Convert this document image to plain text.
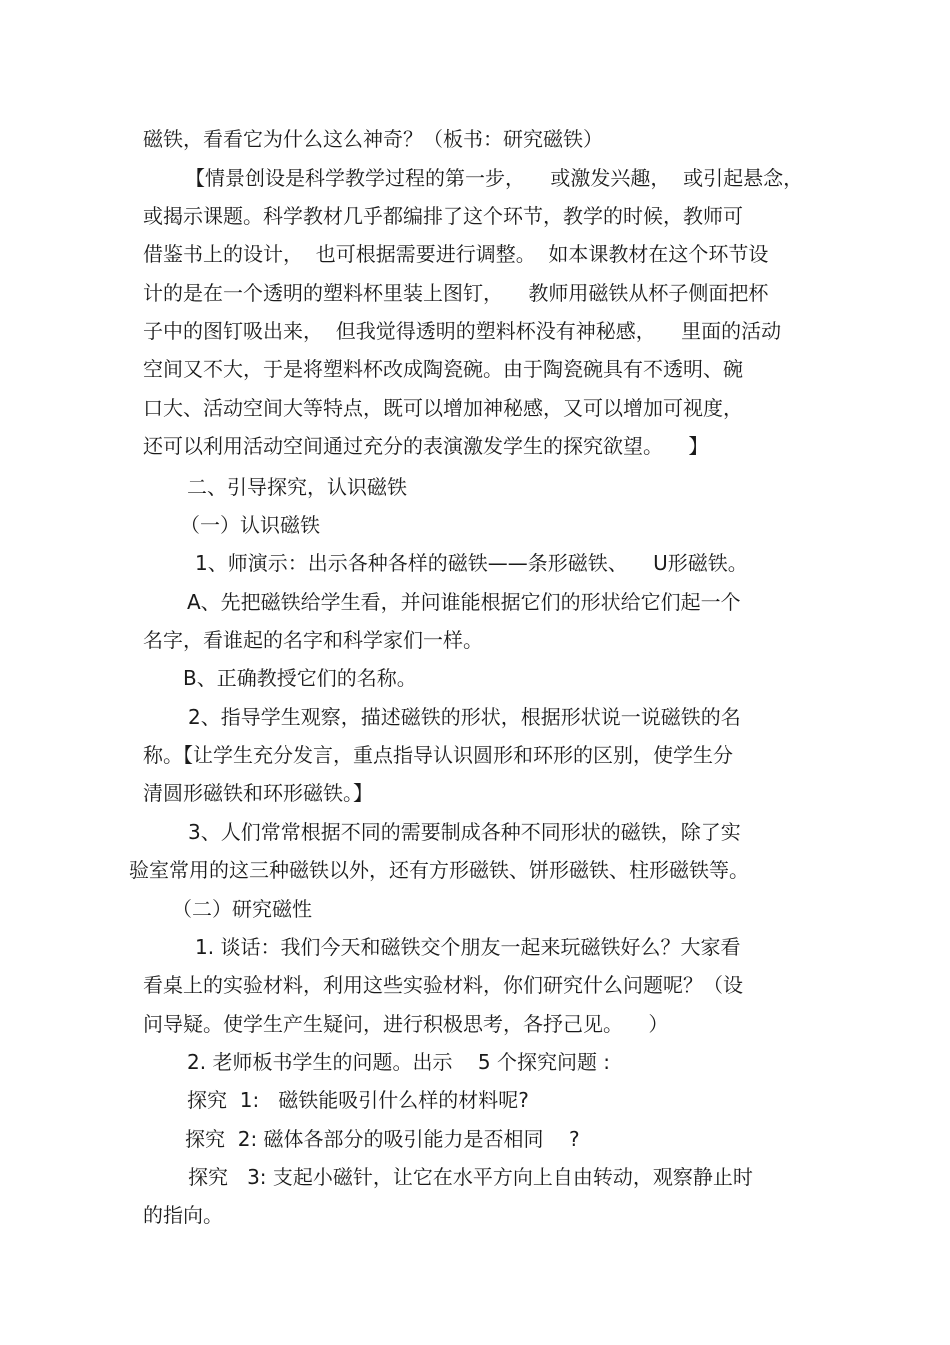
磁铁，看看它为什么这么神奇？（板书：研究磁铁）

【情景创设是科学教学过程的第一步，    或激发兴趣，  或引起悬念，

或揭示课题。科学教材几乎都编排了这个环节，教学的时候，教师可

借鉴书上的设计，  也可根据需要进行调整。  如本课教材在这个环节设

计的是在一个透明的塑料杯里装上图钉，    教师用磁铁从杯子侧面把杯

子中的图钉吸出来，  但我觉得透明的塑料杯没有神秘感，    里面的活动

空间又不大，于是将塑料杯改成陶瓷碗。由于陶瓷碗具有不透明、碗

口大、活动空间大等特点，既可以增加神秘感，又可以增加可视度，

还可以利用活动空间通过充分的表演激发学生的探究欲望。    】

二、引导探究，认识磁铁

（一）认识磁铁

1、师演示：出示各种各样的磁铁——条形磁铁、    U形磁铁。

A、先把磁铁给学生看，并问谁能根据它们的形状给它们起一个

名字，看谁起的名字和科学家们一样。

B、正确教授它们的名称。

2、指导学生观察，描述磁铁的形状，根据形状说一说磁铁的名

称。【让学生充分发言，重点指导认识圆形和环形的区别，使学生分

清圆形磁铁和环形磁铁。】

3、人们常常根据不同的需要制成各种不同形状的磁铁，除了实

验室常用的这三种磁铁以外，还有方形磁铁、饼形磁铁、柱形磁铁等。

（二）研究磁性

1. 谈话：我们今天和磁铁交个朋友一起来玩磁铁好么？大家看

看桌上的实验材料，利用这些实验材料，你们研究什么问题呢？（设

问导疑。使学生产生疑问，进行积极思考，各抒己见。    ）

2. 老师板书学生的问题。出示    5 个探究问题 :

探究  1:   磁铁能吸引什么样的材料呢?

探究  2: 磁体各部分的吸引能力是否相同    ?

探究   3: 支起小磁针，让它在水平方向上自由转动，观察静止时

的指向。
